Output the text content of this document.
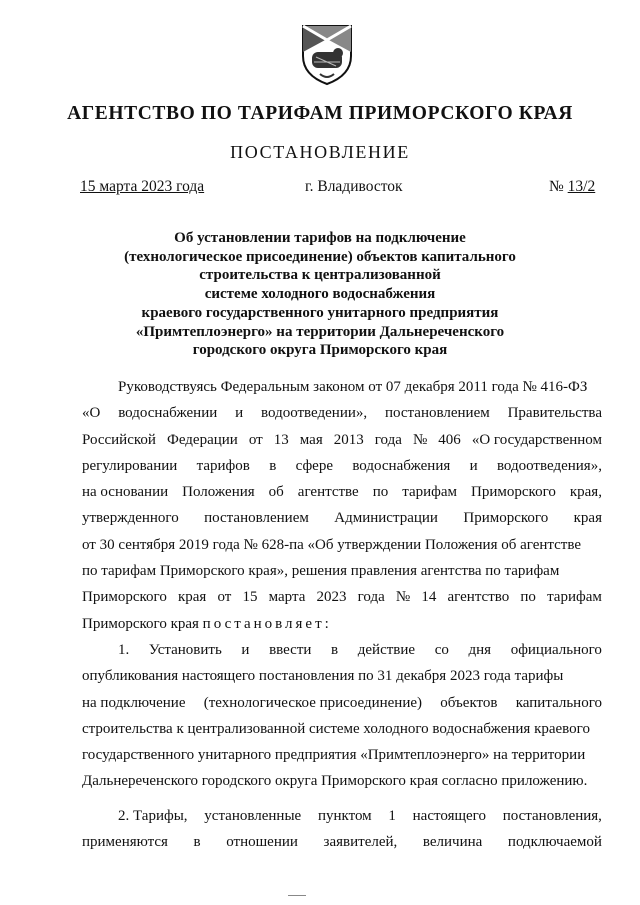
АГЕНТСТВО ПО ТАРИФАМ ПРИМОРСКОГО КРАЯ
ПОСТАНОВЛЕНИЕ
15 марта 2023 года	г. Владивосток	№ 13/2
Об установлении тарифов на подключение
(технологическое присоединение) объектов капитального
строительства к централизованной
системе холодного водоснабжения
краевого государственного унитарного предприятия
«Примтеплоэнерго» на территории Дальнереченского
городского округа Приморского края
Руководствуясь Федеральным законом от 07 декабря 2011 года № 416-ФЗ
«О водоснабжении и водоотведении», постановлением Правительства
Российской Федерации от 13 мая 2013 года № 406 «О государственном
регулировании тарифов в сфере водоснабжения и водоотведения»,
на основании Положения об агентстве по тарифам Приморского края,
утвержденного постановлением Администрации Приморского края
от 30 сентября 2019 года № 628-па «Об утверждении Положения об агентстве
по тарифам Приморского края», решения правления агентства по тарифам
Приморского края от 15 марта 2023 года № 14 агентство по тарифам
Приморского края
постановляет:
1. Установить и ввести в действие со дня официального
опубликования настоящего постановления по 31 декабря 2023 года тарифы
на подключение (технологическое присоединение) объектов капитального
строительства к централизованной системе холодного водоснабжения краевого
государственного унитарного предприятия «Примтеплоэнерго» на территории
Дальнереченского городского округа Приморского края согласно приложению.
2. Тарифы, установленные пунктом 1 настоящего постановления,
применяются в отношении заявителей, величина подключаемой
